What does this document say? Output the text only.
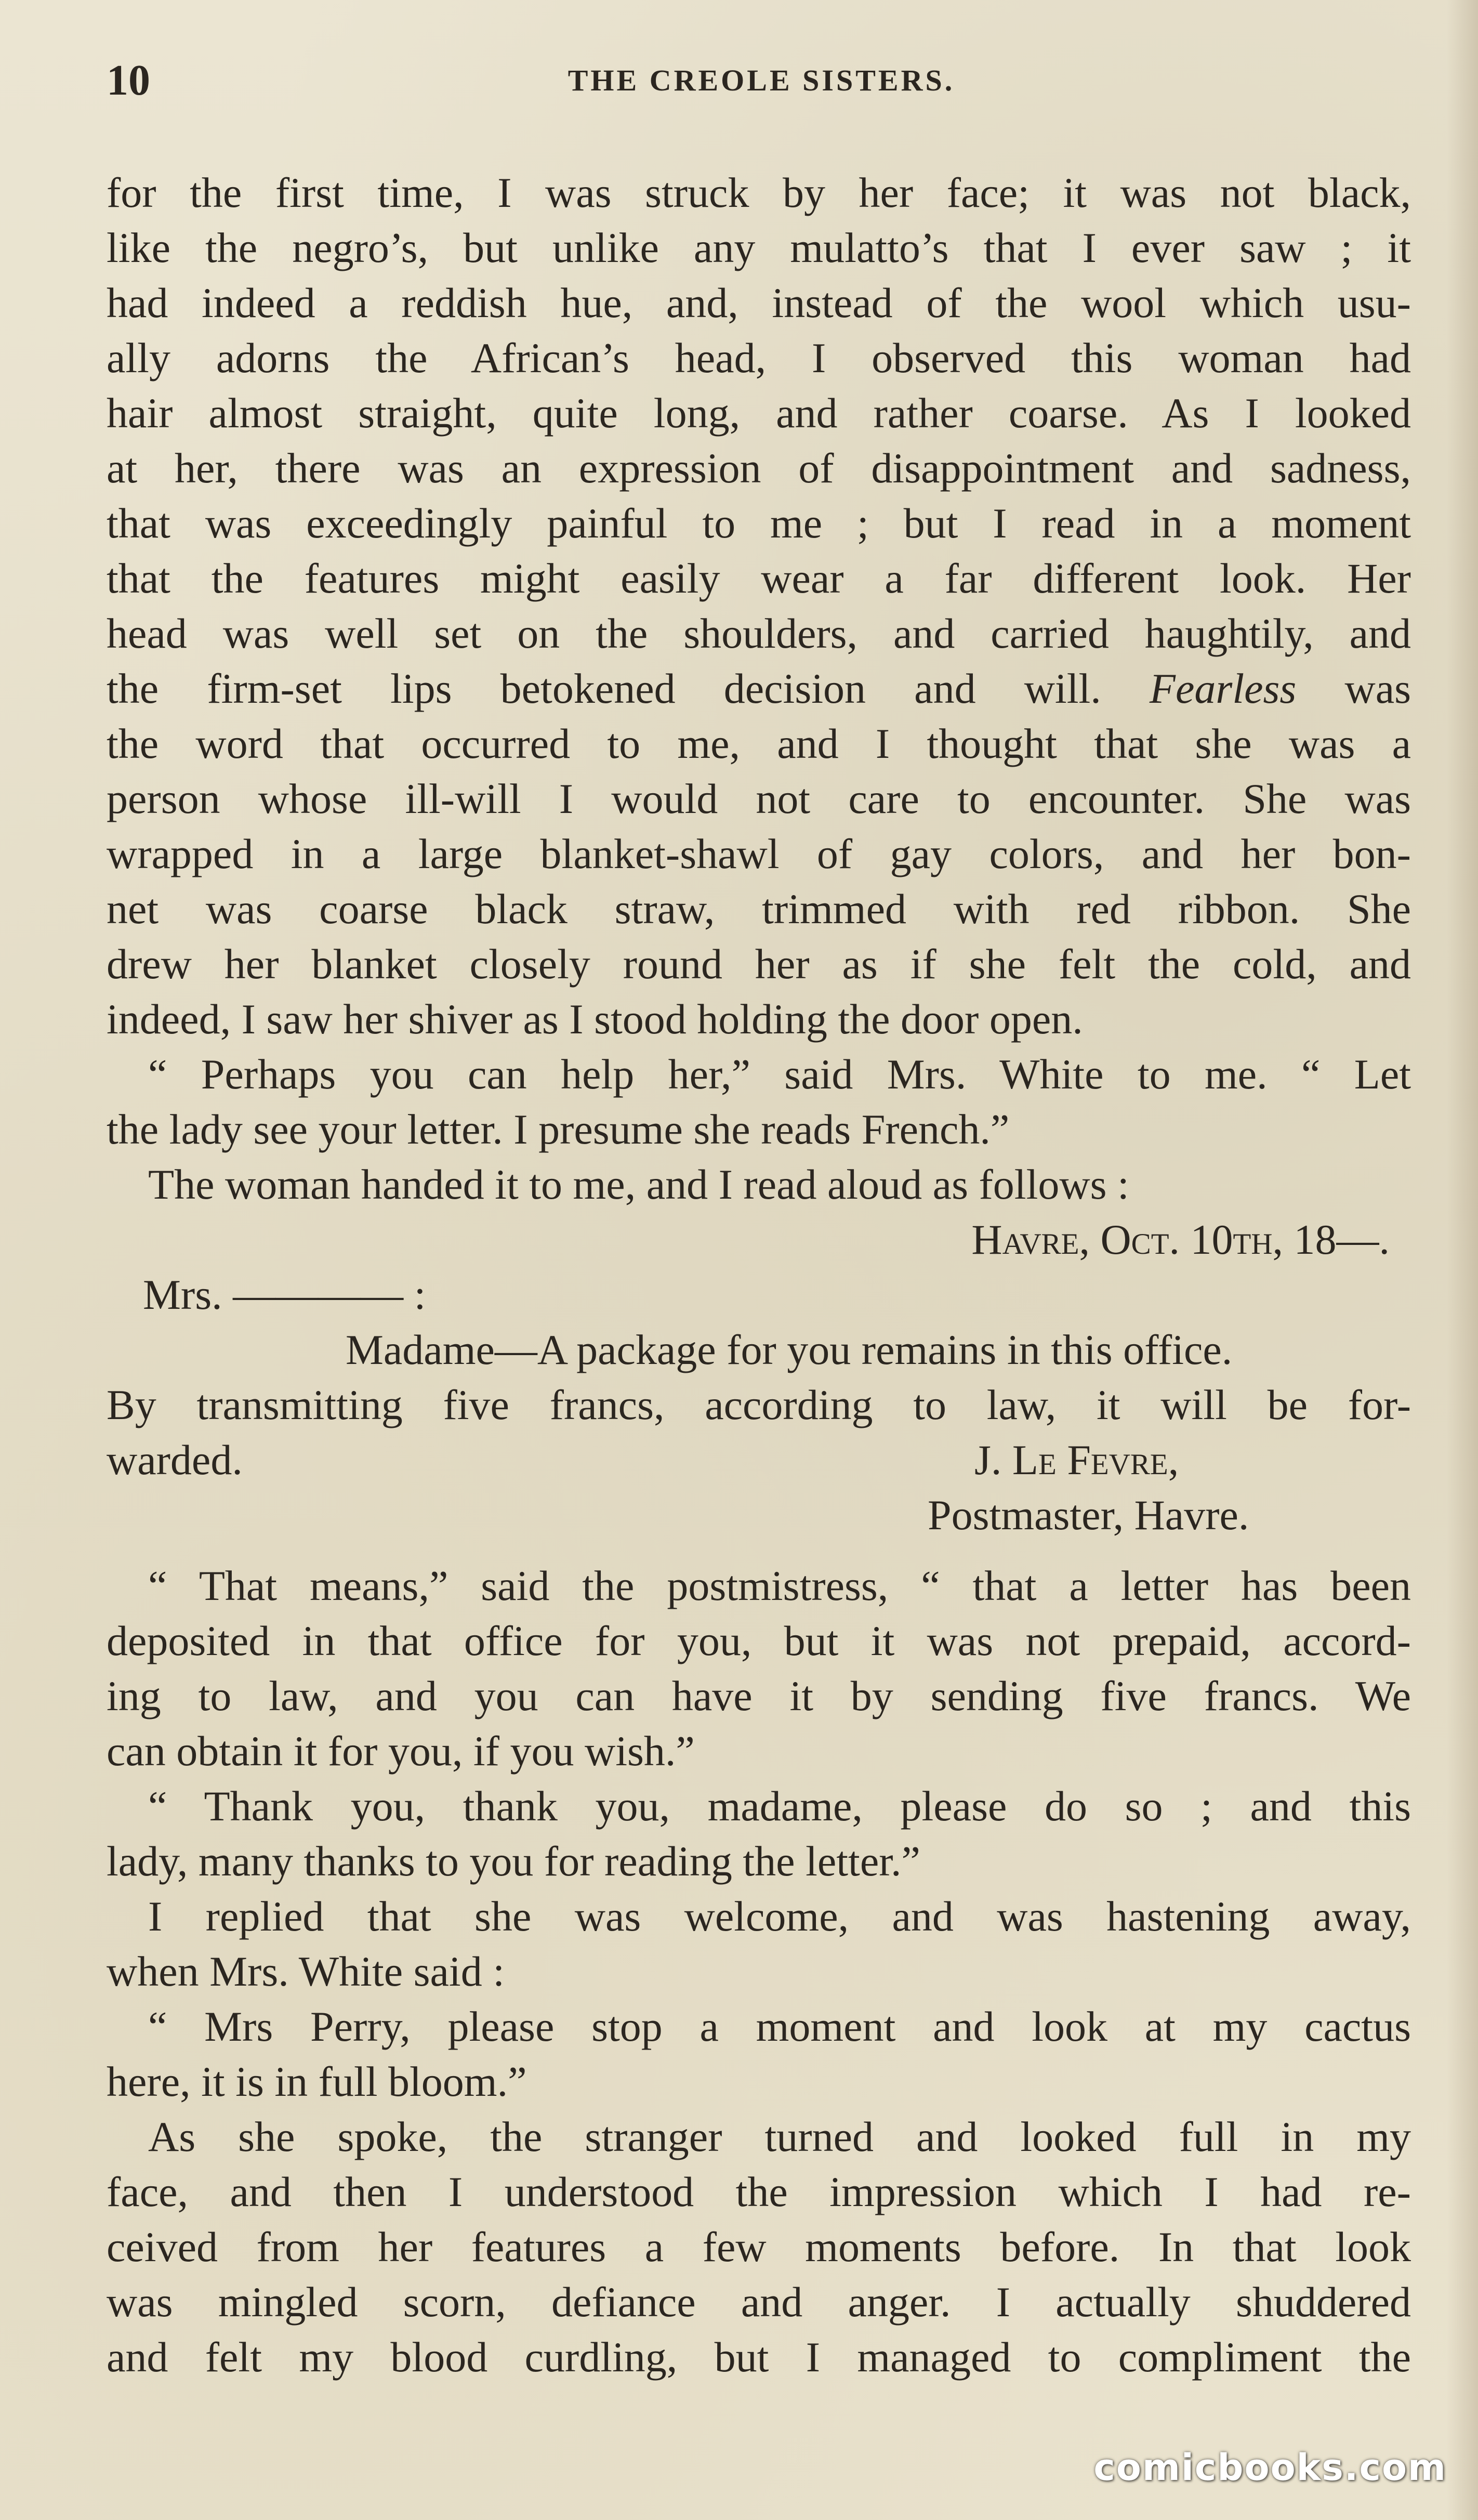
10	THE CREOLE SISTERS.
for the first time, I was struck by her face; it was not black,
like the negro’s, but unlike any mulatto’s that I ever saw ; it
had indeed a reddish hue, and, instead of the wool which usu-
ally adorns the African’s head, I observed this woman had
hair almost straight, quite long, and rather coarse. As I looked
at her, there was an expression of disappointment and sadness,
that was exceedingly painful to me ; but I read in a moment
that the features might easily wear a far different look. Her
head was well set on the shoulders, and carried haughtily, and
the firm-set lips betokened decision and will. Fearless was
the word that occurred to me, and I thought that she was a
person whose ill-will I would not care to encounter. She was
wrapped in a large blanket-shawl of gay colors, and her bon-
net was coarse black straw, trimmed with red ribbon. She
drew her blanket closely round her as if she felt the cold, and
indeed, I saw her shiver as I stood holding the door open.
“ Perhaps you can help her,” said Mrs. White to me. “ Let
the lady see your letter. I presume she reads French.”
The woman handed it to me, and I read aloud as follows :
Havre, Oct. 10th, 18—.
Mrs. ———— :
Madame—A package for you remains in this office.
By transmitting five francs, according to law, it will be for-
warded.	J. Le Fevre,
Postmaster, Havre.
“ That means,” said the postmistress, “ that a letter has been
deposited in that office for you, but it was not prepaid, accord-
ing to law, and you can have it by sending five francs. We
can obtain it for you, if you wish.”
“ Thank you, thank you, madame, please do so ; and this
lady, many thanks to you for reading the letter.”
I replied that she was welcome, and was hastening away,
when Mrs. White said :
“ Mrs Perry, please stop a moment and look at my cactus
here, it is in full bloom.”
As she spoke, the stranger turned and looked full in my
face, and then I understood the impression which I had re-
ceived from her features a few moments before. In that look
was mingled scorn, defiance and anger. I actually shuddered
and felt my blood curdling, but I managed to compliment the
comicbooks.com
